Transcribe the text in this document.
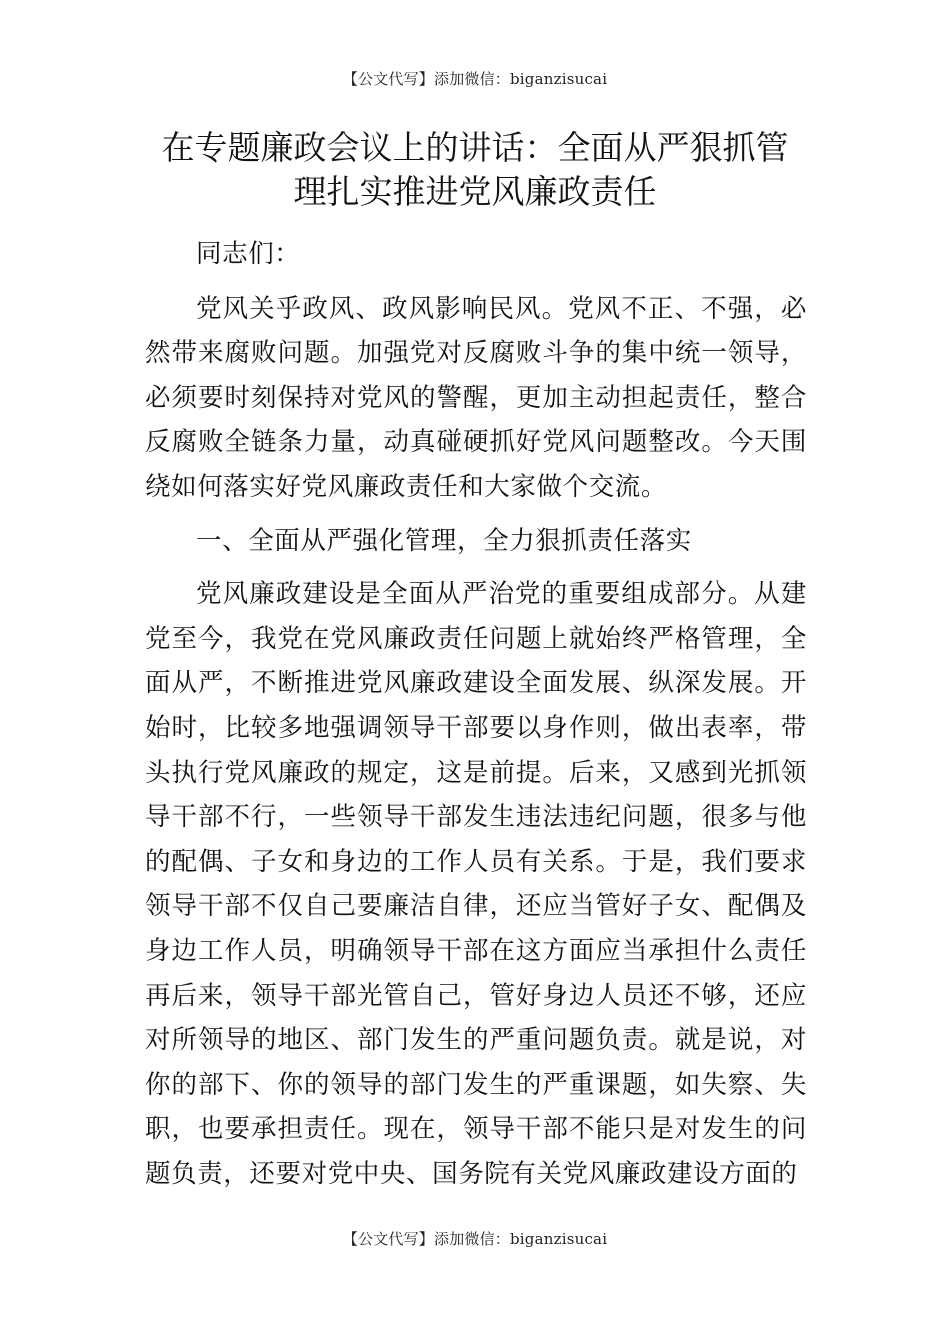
【公文代写】添加微信：biganzisucai
在专题廉政会议上的讲话：全面从严狠抓管理扎实推进党风廉政责任

同志们：

党风关乎政风、政风影响民风。党风不正、不强，必然带来腐败问题。加强党对反腐败斗争的集中统一领导，必须要时刻保持对党风的警醒，更加主动担起责任，整合反腐败全链条力量，动真碰硬抓好党风问题整改。今天围绕如何落实好党风廉政责任和大家做个交流。

一、全面从严强化管理，全力狠抓责任落实

党风廉政建设是全面从严治党的重要组成部分。从建党至今，我党在党风廉政责任问题上就始终严格管理，全面从严，不断推进党风廉政建设全面发展、纵深发展。开始时，比较多地强调领导干部要以身作则，做出表率，带头执行党风廉政的规定，这是前提。后来，又感到光抓领导干部不行，一些领导干部发生违法违纪问题，很多与他的配偶、子女和身边的工作人员有关系。于是，我们要求领导干部不仅自己要廉洁自律，还应当管好子女、配偶及身边工作人员，明确领导干部在这方面应当承担什么责任再后来，领导干部光管自己，管好身边人员还不够，还应对所领导的地区、部门发生的严重问题负责。就是说，对你的部下、你的领导的部门发生的严重课题，如失察、失职，也要承担责任。现在，领导干部不能只是对发生的问题负责，还要对党中央、国务院有关党风廉政建设方面的

【公文代写】添加微信：biganzisucai
